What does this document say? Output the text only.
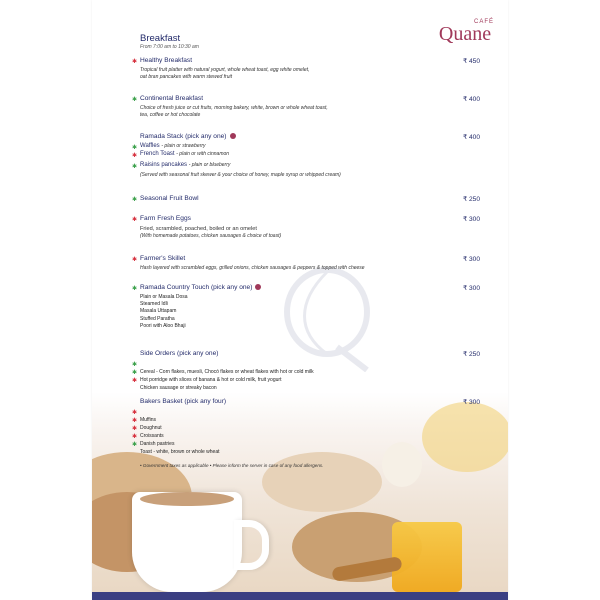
CAFÉ
Quane
Breakfast
From 7:00 am to 10:30 am
✱ Healthy Breakfast	₹ 450
Tropical fruit platter with natural yogurt, whole wheat toast, egg white omelet,
oat bran pancakes with warm stewed fruit
✱ Continental Breakfast	₹ 400
Choice of fresh juice or cut fruits, morning bakery, white, brown or whole wheat toast,
tea, coffee or hot chocolate
Ramada Stack (pick any one)	₹ 400
✱ Waffles - plain or strawberry
✱ French Toast - plain or with cinnamon
✱ Raisins pancakes - plain or blueberry
(Served with seasonal fruit skewer & your choice of honey, maple syrup or whipped cream)
✱ Seasonal Fruit Bowl	₹ 250
✱ Farm Fresh Eggs	₹ 300
Fried, scrambled, poached, boiled or an omelet
(With homemade potatoes, chicken sausages & choice of toast)
✱ Farmer's Skillet	₹ 300
Hash layered with scrambled eggs, grilled onions, chicken sausages & peppers & topped with cheese
✱ Ramada Country Touch (pick any one)	₹ 300
Plain or Masala Dosa
Steamed Idli
Masala Uttapam
Stuffed Paratha
Poori with Aloo Bhaji
Side Orders (pick any one)	₹ 250
✱
Cereal - Corn flakes, muesli, Chocó flakes or wheat flakes with hot or cold milk
✱
Hot porridge with slices of banana & hot or cold milk, fruit yogurt
✱
Chicken sausage or streaky bacon
Bakers Basket (pick any four)	₹ 300
✱
Muffins
✱
Doughnut
✱
Croissants
✱
Danish pastries
✱
Toast - white, brown or whole wheat
• Government taxes as applicable • Please inform the server in case of any food allergens.
